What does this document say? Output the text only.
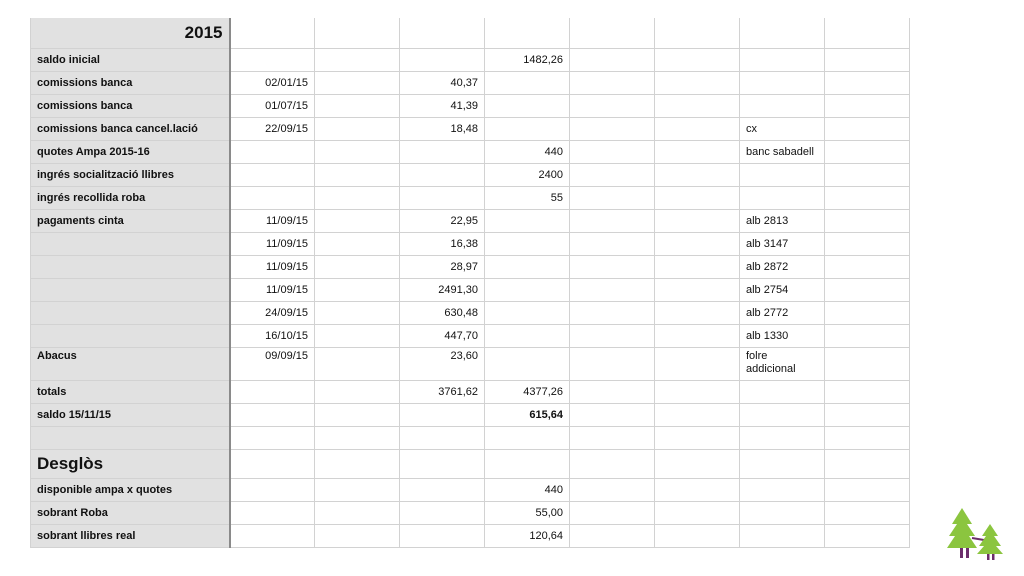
2015								
saldo inicial				1482,26				
comissions banca	02/01/15		40,37					
comissions banca	01/07/15		41,39					
comissions banca cancel.lació	22/09/15		18,48				cx	
quotes Ampa 2015-16				440			banc sabadell	
ingrés socialització llibres				2400				
ingrés recollida roba				55				
pagaments cinta	11/09/15		22,95				alb 2813	
	11/09/15		16,38				alb 3147	
	11/09/15		28,97				alb 2872	
	11/09/15		2491,30				alb 2754	
	24/09/15		630,48				alb 2772	
	16/10/15		447,70				alb 1330	
Abacus	09/09/15		23,60				folre addicional	
totals			3761,62	4377,26				
saldo 15/11/15				615,64				

Desglòs								
disponible ampa x quotes				440				
sobrant Roba				55,00				
sobrant llibres real				120,64				
